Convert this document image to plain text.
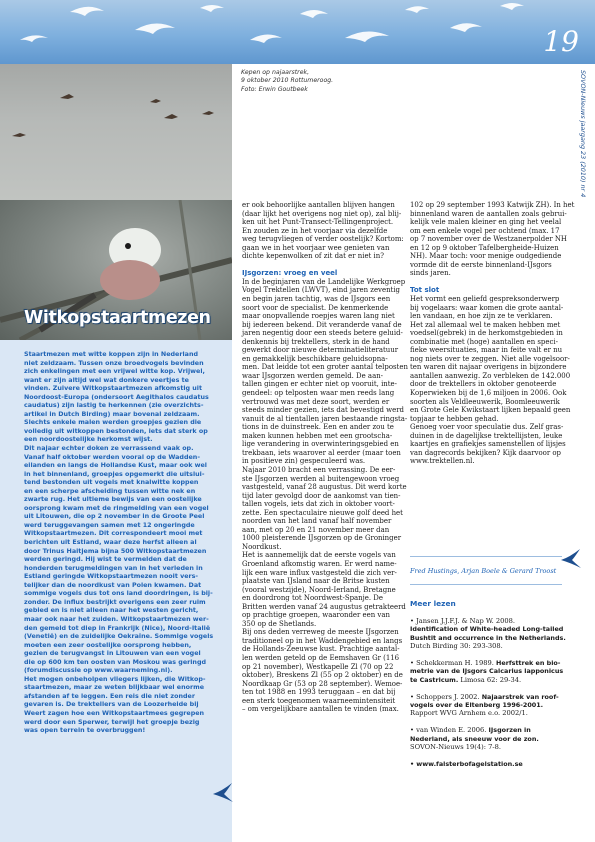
19
SOVON-Nieuws jaargang 23 (2010) nr 4
Kepen op najaarstrek,
9 oktober 2010 Rottumeroog.
Foto: Erwin Goutbeek
Witkopstaartmezen
Staartmezen met witte koppen zijn in Nederland
niet zeldzaam. Tussen onze broedvogels bevinden
zich enkelingen met een vrijwel witte kop. Vrijwel,
want er zijn altijd wel wat donkere veertjes te
vinden. Zuivere Witkopstaartmezen afkomstig uit
Noordoost-Europa (ondersoort Aegithalos caudatus
caudatus) zijn lastig te herkennen (zie overzichts-
artikel in Dutch Birding) maar bovenal zeldzaam.
Slechts enkele malen werden groepjes gezien die
volledig uit witkoppen bestonden, iets dat sterk op
een noordoostelijke herkomst wijst.
Dit najaar echter doken ze verrassend vaak op.
Vanaf half oktober werden vooral op de Wadden-
eilanden en langs de Hollandse Kust, maar ook wel
in het binnenland, groepjes opgemerkt die uitslui-
tend bestonden uit vogels met knalwitte koppen
en een scherpe afscheiding tussen witte nek en
zwarte rug. Het ultieme bewijs van een oostelijke
oorsprong kwam met de ringmelding van een vogel
uit Litouwen, die op 2 november in de Groote Peel
werd teruggevangen samen met 12 ongeringde
Witkopstaartmezen. Dit correspondeert mooi met
berichten uit Estland, waar deze herfst alleen al
door Trinus Haitjema bijna 500 Witkopstaartmezen
werden geringd. Hij wist te vermelden dat de
honderden terugmeldingen van in het verleden in
Estland geringde Witkopstaartmezen nooit vers-
telijker dan de noordkust van Polen kwamen. Dat
sommige vogels dus tot ons land doordringen, is bij-
zonder. De influx bestrijkt overigens een zeer ruim
gebied en is niet alleen naar het westen gericht,
maar ook naar het zuiden. Witkopstaartmezen wer-
den gemeld tot diep in Frankrijk (Nice), Noord-Italië
(Venetië) en de zuidelijke Oekraïne. Sommige vogels
moeten een zeer oostelijke oorsprong hebben,
gezien de terugvangst in Litouwen van een vogel
die op 600 km ten oosten van Moskou was geringd
(forumdiscussie op www.waarneming.nl).
Het mogen onbeholpen vliegers lijken, die Witkop-
staartmezen, maar ze weten blijkbaar wel enorme
afstanden af te leggen. Een reis die niet zonder
gevaren is. De trektellers van de Loozerheide bij
Weert zagen hoe een Witkopstaartmees gegrepen
werd door een Sperwer, terwijl het groepje bezig
was open terrein te overbruggen!
er ook behoorlijke aantallen blijven hangen
(daar lijkt het overigens nog niet op), zal blij-
ken uit het Punt-Transect-Tellingenproject.
En zouden ze in het voorjaar via dezelfde
weg terugvliegen of verder oostelijk? Kortom:
gaan we in het voorjaar wee genieten van
dichte kepenwolken of zit dat er niet in?
IJsgorzen: vroeg en veel
In de beginjaren van de Landelijke Werkgroep
Vogel Trektellen (LWVT), eind jaren zeventig
en begin jaren tachtig, was de IJsgors een
soort voor de specialist. De kenmerkende
maar onopvallende roepjes waren lang niet
bij iedereen bekend. Dit veranderde vanaf de
jaren negentig door een steeds betere geluid-
denkennis bij trektellers, sterk in de hand
gewerkt door nieuwe determinatieliteratuur
en gemakkelijk beschikbare geluidsopna-
men. Dat leidde tot een groter aantal telposten
waar IJsgorzen werden gemeld. De aan-
tallen gingen er echter niet op vooruit, inte-
gendeel: op telposten waar men reeds lang
vertrouwd was met deze soort, werden er
steeds minder gezien, iets dat bevestigd werd
vanuit de al tientallen jaren bestaande ringsta-
tions in de duinstreek. Een en ander zou te
maken kunnen hebben met een grootscha-
lige verandering in overwinteringsgebied en
trekbaan, iets waarover al eerder (maar toen
in positieve zin) gespeculeerd was.
Najaar 2010 bracht een verrassing. De eer-
ste IJsgorzen werden al buitengewoon vroeg
vastgesteld, vanaf 28 augustus. Dit werd korte
tijd later gevolgd door de aankomst van tien-
tallen vogels, iets dat zich in oktober voort-
zette. Een spectaculaire nieuwe golf deed het
noorden van het land vanaf half november
aan, met op 20 en 21 november meer dan
1000 pleisterende IJsgorzen op de Groninger
Noordkust.
Het is aannemelijk dat de eerste vogels van
Groenland afkomstig waren. Er werd name-
lijk een ware influx vastgesteld die zich ver-
plaatste van IJsland naar de Britse kusten
(vooral westzijde), Noord-Ierland, Bretagne
en doordrong tot Noordwest-Spanje. De
Britten werden vanaf 24 augustus getrakteerd
op prachtige groepen, waaronder een van
350 op de Shetlands.
Bij ons deden verreweg de meeste IJsgorzen
traditioneel op in het Waddengebied en langs
de Hollands-Zeeuwse kust. Prachtige aantal-
len werden geteld op de Eemshaven Gr (116
op 21 november), Westkapelle Zl (70 op 22
oktober), Breskens Zl (55 op 2 oktober) en de
Noordkaap Gr (53 op 28 september). Wemoe-
ten tot 1988 en 1993 teruggaan – en dat bij
een sterk toegenomen waarneemintensiteit
– om vergelijkbare aantallen te vinden (max.
102 op 29 september 1993 Katwijk ZH). In het
binnenland waren de aantallen zoals gebrui-
kelijk vele malen kleiner en ging het veelal
om een enkele vogel per ochtend (max. 17
op 7 november over de Westzanerpolder NH
en 12 op 9 oktober Tafelbergheide-Huizen
NH). Maar toch: voor menige oudgediende
vormde dit de eerste binnenland-IJsgors
sinds jaren.
Tot slot
Het vormt een geliefd gespreksonderwerp
bij vogelaars: waar komen die grote aantal-
len vandaan, en hoe zijn ze te verklaren.
Het zal allemaal wel te maken hebben met
voedsel(gebrek) in de herkomstgebieden in
combinatie met (hoge) aantallen en speci-
fieke weersituaties, maar in feite valt er nu
nog niets over te zeggen. Niet alle vogelsoor-
ten waren dit najaar overigens in bijzondere
aantallen aanwezig. Zo verbleken de 142.000
door de trektellers in oktober genoteerde
Koperwieken bij de 1,6 miljoen in 2006. Ook
soorten als Veldleeuwerik, Boomleeuwerik
en Grote Gele Kwikstaart lijken bepaald geen
topjaar te hebben gehad.
Genoeg voer voor speculatie dus. Zelf gras-
duinen in de dagelijkse trektellijsten, leuke
kaartjes en grafiekjes samenstellen of lijsjes
van dagrecords bekijken? Kijk daarvoor op
www.trektellen.nl.
Fred Hustings, Arjan Boele & Gerard Troost
Meer lezen
• Jansen J.J.F.J. & Nap W. 2008.
Identification of White-headed Long-tailed
Bushtit and occurrence in the Netherlands.
Dutch Birding 30: 293-308.
• Schekkerman H. 1989. Herfsttrek en bio-
metrie van de IJsgors Calcarius lapponicus
te Castricum. Limosa 62: 29-34.
• Schoppers J. 2002. Najaarstrek van roof-
vogels over de Eltenberg 1996-2001.
Rapport WVG Arnhem e.o. 2002/1.
• van Winden E. 2006. IJsgorzen in
Nederland, als sneeuw voor de zon.
SOVON-Nieuws 19(4): 7-8.
• www.falsterbofagelstation.se
